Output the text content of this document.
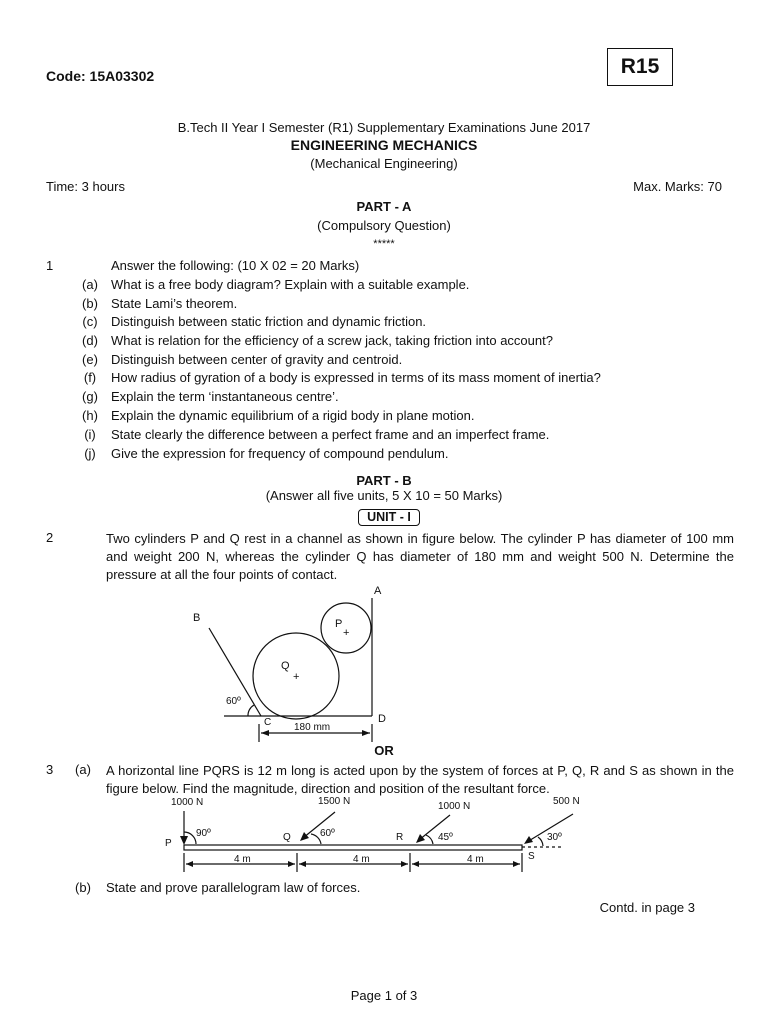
Code: 15A03302	R15
B.Tech II Year I Semester (R1) Supplementary Examinations June 2017
ENGINEERING MECHANICS
(Mechanical Engineering)
Time: 3 hours	Max. Marks: 70
PART - A
(Compulsory Question)
*****
1	Answer the following: (10 X 02 = 20 Marks)
(a) What is a free body diagram? Explain with a suitable example.
(b) State Lami’s theorem.
(c) Distinguish between static friction and dynamic friction.
(d) What is relation for the efficiency of a screw jack, taking friction into account?
(e) Distinguish between center of gravity and centroid.
(f) How radius of gyration of a body is expressed in terms of its mass moment of inertia?
(g) Explain the term ‘instantaneous centre’.
(h) Explain the dynamic equilibrium of a rigid body in plane motion.
(i)	State clearly the difference between a perfect frame and an imperfect frame.
(j)	Give the expression for frequency of compound pendulum.
PART - B
(Answer all five units, 5 X 10 = 50 Marks)
UNIT - I
2	Two cylinders P and Q rest in a channel as shown in figure below. The cylinder P has diameter of 100 mm and weight 200 N, whereas the cylinder Q has diameter of 180 mm and weight 500 N. Determine the pressure at all the four points of contact.
A
B
C	D
P
+
Q
+
60º
180 mm
OR
3 (a) A horizontal line PQRS is 12 m long is acted upon by the system of forces at P, Q, R and S as shown in the figure below. Find the magnitude, direction and position of the resultant force.
1000 N	1500 N	1000 N	500 N
P
Q	R
S
90º	60º	45º	30º
4 m	4 m	4 m
(b) State and prove parallelogram law of forces.
Contd. in page 3
Page 1 of 3
